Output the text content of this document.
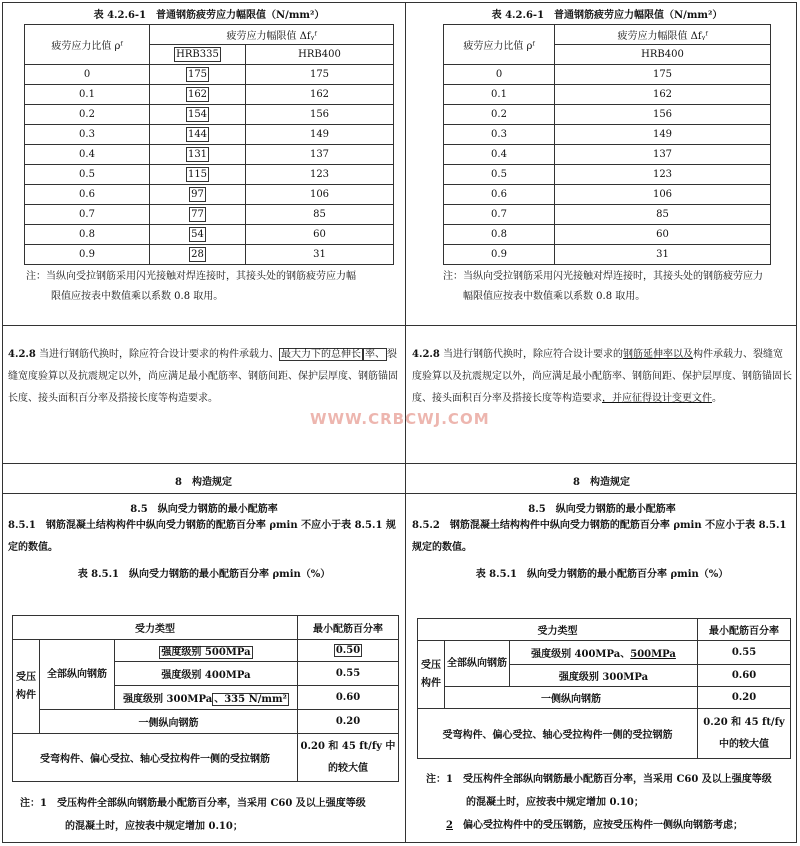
表 4.2.6-1　普通钢筋疲劳应力幅限值（N/mm²）
疲劳应力比值 ρᶠ	疲劳应力幅限值 Δfᵧᶠ	
	HRB335	HRB400
0	175	175
0.1	162	162
0.2	154	156
0.3	144	149
0.4	131	137
0.5	115	123
0.6	97	106
0.7	77	85
0.8	54	60
0.9	28	31
注：当纵向受拉钢筋采用闪光接触对焊连接时，其接头处的钢筋疲劳应力幅

限值应按表中数值乘以系数 0.8 取用。
表 4.2.6-1　普通钢筋疲劳应力幅限值（N/mm²）
疲劳应力比值 ρᶠ	疲劳应力幅限值 Δfᵧᶠ
	HRB400
0	175
0.1	162
0.2	156
0.3	149
0.4	137
0.5	123
0.6	106
0.7	85
0.8	60
0.9	31
注：当纵向受拉钢筋采用闪光接触对焊连接时，其接头处的钢筋疲劳应力

幅限值应按表中数值乘以系数 0.8 取用。
4.2.8 当进行钢筋代换时，除应符合设计要求的构件承载力、 最大力下的总伸长 率、 裂缝宽度验算以及抗震规定以外，尚应满足最小配筋率、钢筋间距、保护层厚度、钢筋锚固长度、接头面积百分率及搭接长度等构造要求。
4.2.8 当进行钢筋代换时，除应符合设计要求的钢筋延伸率以及构件承载力、裂缝宽度验算以及抗震规定以外，尚应满足最小配筋率、钢筋间距、保护层厚度、钢筋锚固长度、接头面积百分率及搭接长度等构造要求，并应征得设计变更文件。
WWW.CRBCWJ.COM
8　构造规定	8　构造规定
8.5　纵向受力钢筋的最小配筋率
8.5.1　钢筋混凝土结构构件中纵向受力钢筋的配筋百分率 ρmin 不应小于表 8.5.1 规定的数值。
表 8.5.1　纵向受力钢筋的最小配筋百分率 ρmin（%）
受力类型			最小配筋百分率
受压构件	全部纵向钢筋	强度级别 500MPa	0.50
		强度级别 400MPa	0.55
		强度级别 300MPa 、335 N/mm²	0.60
	一侧纵向钢筋		0.20
受弯构件、偏心受拉、轴心受拉构件一侧的受拉钢筋			0.20 和 45 ft/fy 中
的较大值
注：1　受压构件全部纵向钢筋最小配筋百分率，当采用 C60 及以上强度等级
的混凝土时，应按表中规定增加 0.10；
8.5　纵向受力钢筋的最小配筋率
8.5.2　钢筋混凝土结构构件中纵向受力钢筋的配筋百分率 ρmin 不应小于表 8.5.1 规定的数值。
表 8.5.1　纵向受力钢筋的最小配筋百分率 ρmin（%）
受力类型			最小配筋百分率
受压构件	全部纵向钢筋	强度级别 400MPa、500MPa	0.55
		强度级别 300MPa	0.60
	一侧纵向钢筋		0.20
受弯构件、偏心受拉、轴心受拉构件一侧的受拉钢筋			0.20 和 45 ft/fy
中的较大值
注：1　受压构件全部纵向钢筋最小配筋百分率，当采用 C60 及以上强度等级
的混凝土时，应按表中规定增加 0.10；
2　偏心受拉构件中的受压钢筋，应按受压构件一侧纵向钢筋考虑；
